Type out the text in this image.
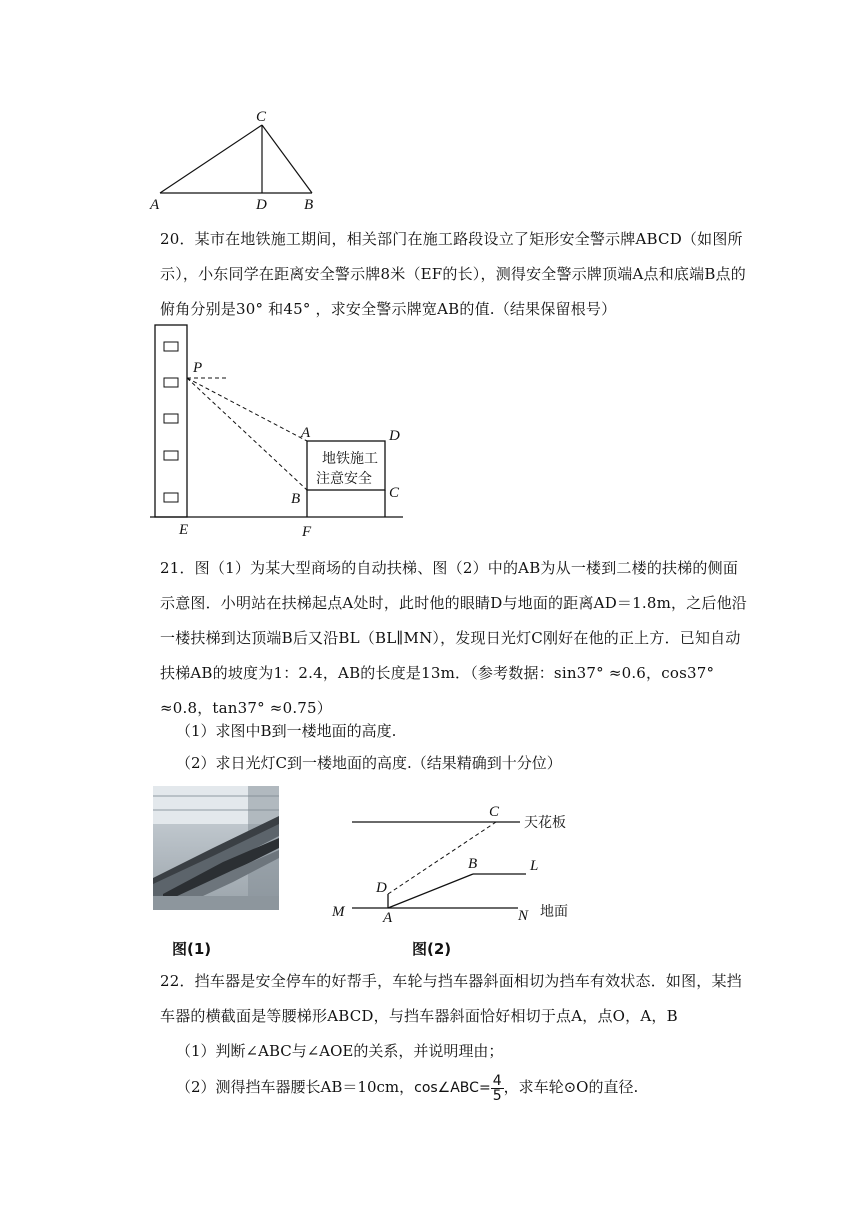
C
A	D B
20．某市在地铁施工期间，相关部门在施工路段设立了矩形安全警示牌ABCD（如图所示），小东同学在距离安全警示牌8米（EF的长），测得安全警示牌顶端A点和底端B点的俯角分别是30° 和45° ，求安全警示牌宽AB的值.（结果保留根号）
地铁施工
注意安全
P
A	D
B	C
E	F
21．图（1）为某大型商场的自动扶梯、图（2）中的AB为从一楼到二楼的扶梯的侧面示意图．小明站在扶梯起点A处时，此时他的眼睛D与地面的距离AD＝1.8m，之后他沿一楼扶梯到达顶端B后又沿BL（BL∥MN），发现日光灯C刚好在他的正上方．已知自动扶梯AB的坡度为1：2.4，AB的长度是13m．（参考数据：sin37° ≈0.6，cos37° ≈0.8，tan37° ≈0.75）
（1）求图中B到一楼地面的高度.
（2）求日光灯C到一楼地面的高度.（结果精确到十分位）
图(1)
C
天花板
B	L
D
M	A	N 地面
图(2)
22．挡车器是安全停车的好帮手，车轮与挡车器斜面相切为挡车有效状态．如图，某挡车器的横截面是等腰梯形ABCD，与挡车器斜面恰好相切于点A，点O，A，B
（1）判断∠ABC与∠AOE的关系，并说明理由；
（2）测得挡车器腰长AB＝10cm，cos∠ABC= $\frac{4}{5}$ ，求车轮⊙O的直径.
